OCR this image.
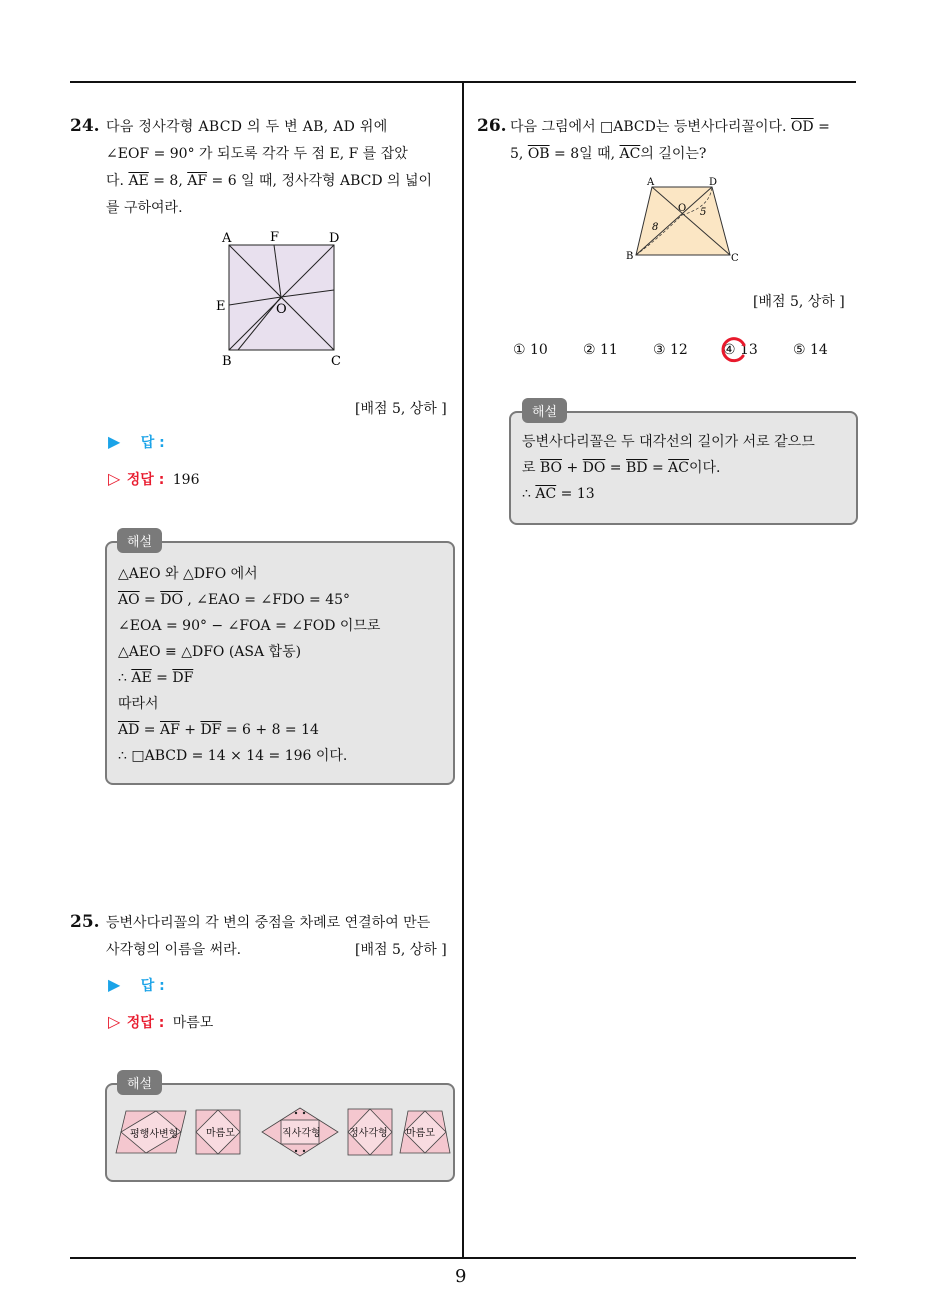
9
24. 다음 정사각형 ABCD 의 두 변 AB, AD 위에
∠EOF = 90° 가 되도록 각각 두 점 E, F 를 잡았
다. $\overline{AE} = 8$, $\overline{AF} = 6$ 일 때, 정사각형 ABCD 의 넓이
를 구하여라.
A	F	D
E	O
B	C
[배점 5, 상하 ]
▶ 답 :
▷ 정답 : 196
해설
△AEO 와 △DFO 에서
$\overline{AO} = \overline{DO}$ , ∠EAO = ∠FDO = 45°
∠EOA = 90° − ∠FOA = ∠FOD 이므로
△AEO ≡ △DFO (ASA 합동)
∴ $\overline{AE} = \overline{DF}$
따라서
$\overline{AD} = \overline{AF} + \overline{DF} = 6 + 8 = 14$
∴ □ABCD = 14 × 14 = 196 이다.
25. 등변사다리꼴의 각 변의 중점을 차례로 연결하여 만든
사각형의 이름을 써라.	[배점 5, 상하 ]
▶ 답 :
▷ 정답 : 마름모
해설
평행사변형	마름모	직사각형	정사각형 마름모
26. 다음 그림에서 □ABCD는 등변사다리꼴이다. $\overline{OD}$ =
5, $\overline{OB} = 8$일 때, $\overline{AC}$의 길이는?
A	D
O
B	C
8
5
[배점 5, 상하 ]
① 10	② 11	③ 12	④ 13	⑤ 14
해설
등변사다리꼴은 두 대각선의 길이가 서로 같으므
로 $\overline{BO} + \overline{DO} = \overline{BD} = \overline{AC}$이다.
∴ $\overline{AC} = 13$
